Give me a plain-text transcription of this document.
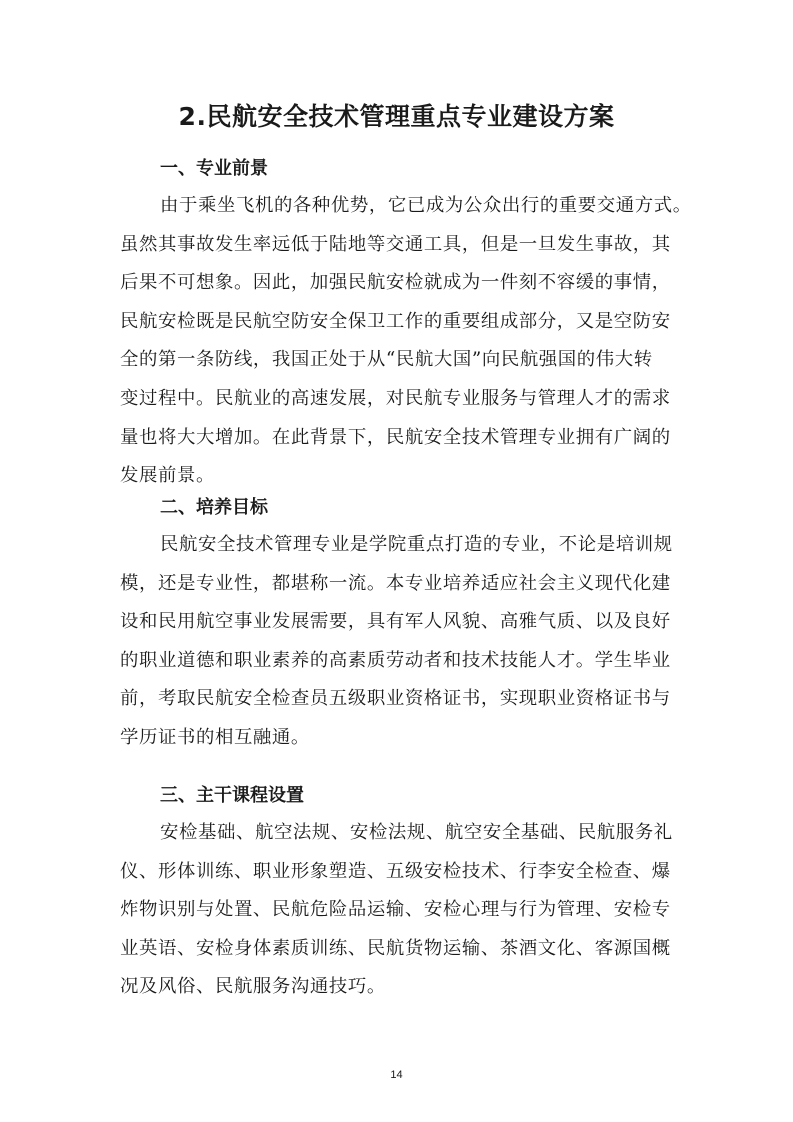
2.民航安全技术管理重点专业建设方案
一、专业前景
由于乘坐飞机的各种优势，它已成为公众出行的重要交通方式。
虽然其事故发生率远低于陆地等交通工具，但是一旦发生事故，其
后果不可想象。因此，加强民航安检就成为一件刻不容缓的事情，
民航安检既是民航空防安全保卫工作的重要组成部分，又是空防安
全的第一条防线，我国正处于从“民航大国”向民航强国的伟大转
变过程中。民航业的高速发展，对民航专业服务与管理人才的需求
量也将大大增加。在此背景下，民航安全技术管理专业拥有广阔的
发展前景。
二、培养目标
民航安全技术管理专业是学院重点打造的专业，不论是培训规
模，还是专业性，都堪称一流。本专业培养适应社会主义现代化建
设和民用航空事业发展需要，具有军人风貌、高雅气质、以及良好
的职业道德和职业素养的高素质劳动者和技术技能人才。学生毕业
前，考取民航安全检查员五级职业资格证书，实现职业资格证书与
学历证书的相互融通。
三、主干课程设置
安检基础、航空法规、安检法规、航空安全基础、民航服务礼
仪、形体训练、职业形象塑造、五级安检技术、行李安全检查、爆
炸物识别与处置、民航危险品运输、安检心理与行为管理、安检专
业英语、安检身体素质训练、民航货物运输、茶酒文化、客源国概
况及风俗、民航服务沟通技巧。
14
